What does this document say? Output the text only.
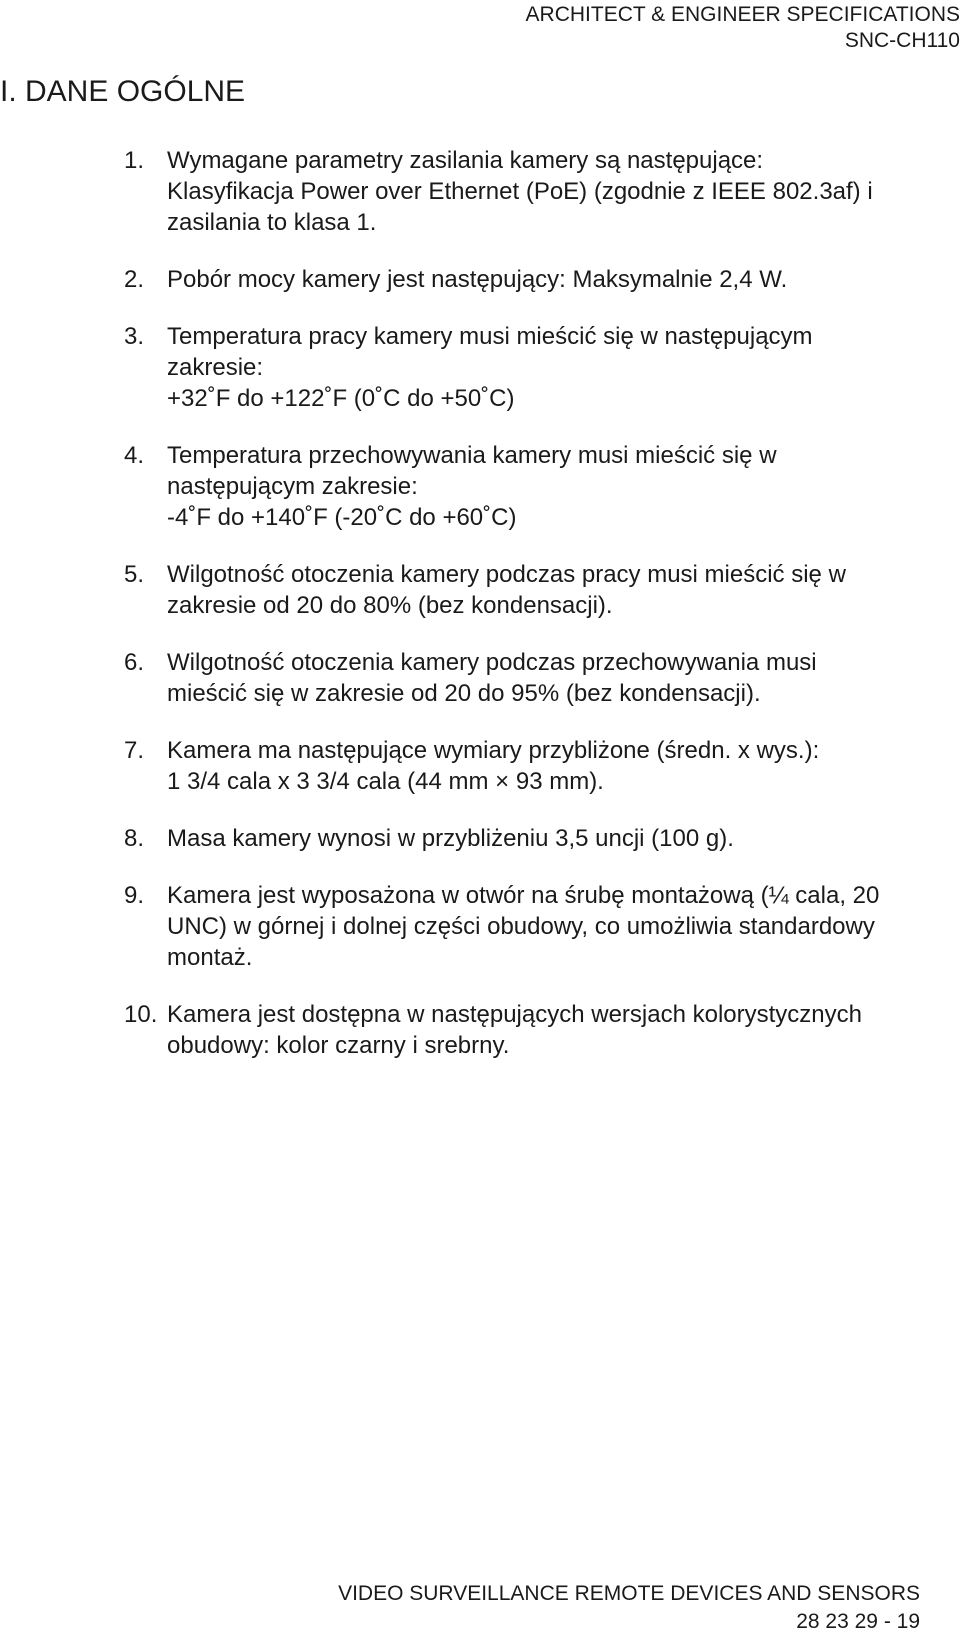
ARCHITECT & ENGINEER SPECIFICATIONS
SNC-CH110
I. DANE OGÓLNE
1. Wymagane parametry zasilania kamery są następujące:
Klasyfikacja Power over Ethernet (PoE) (zgodnie z IEEE 802.3af) i
zasilania to klasa 1.
2. Pobór mocy kamery jest następujący: Maksymalnie 2,4 W.
3. Temperatura pracy kamery musi mieścić się w następującym
zakresie:
+32˚F do +122˚F (0˚C do +50˚C)
4. Temperatura przechowywania kamery musi mieścić się w
następującym zakresie:
-4˚F do +140˚F (-20˚C do +60˚C)
5. Wilgotność otoczenia kamery podczas pracy musi mieścić się w
zakresie od 20 do 80% (bez kondensacji).
6. Wilgotność otoczenia kamery podczas przechowywania musi
mieścić się w zakresie od 20 do 95% (bez kondensacji).
7. Kamera ma następujące wymiary przybliżone (średn. x wys.):
1 3/4 cala x 3 3/4 cala (44 mm × 93 mm).
8. Masa kamery wynosi w przybliżeniu 3,5 uncji (100 g).
9. Kamera jest wyposażona w otwór na śrubę montażową (¼ cala, 20
UNC) w górnej i dolnej części obudowy, co umożliwia standardowy
montaż.
10. Kamera jest dostępna w następujących wersjach kolorystycznych
obudowy: kolor czarny i srebrny.
VIDEO SURVEILLANCE REMOTE DEVICES AND SENSORS
28 23 29 - 19
